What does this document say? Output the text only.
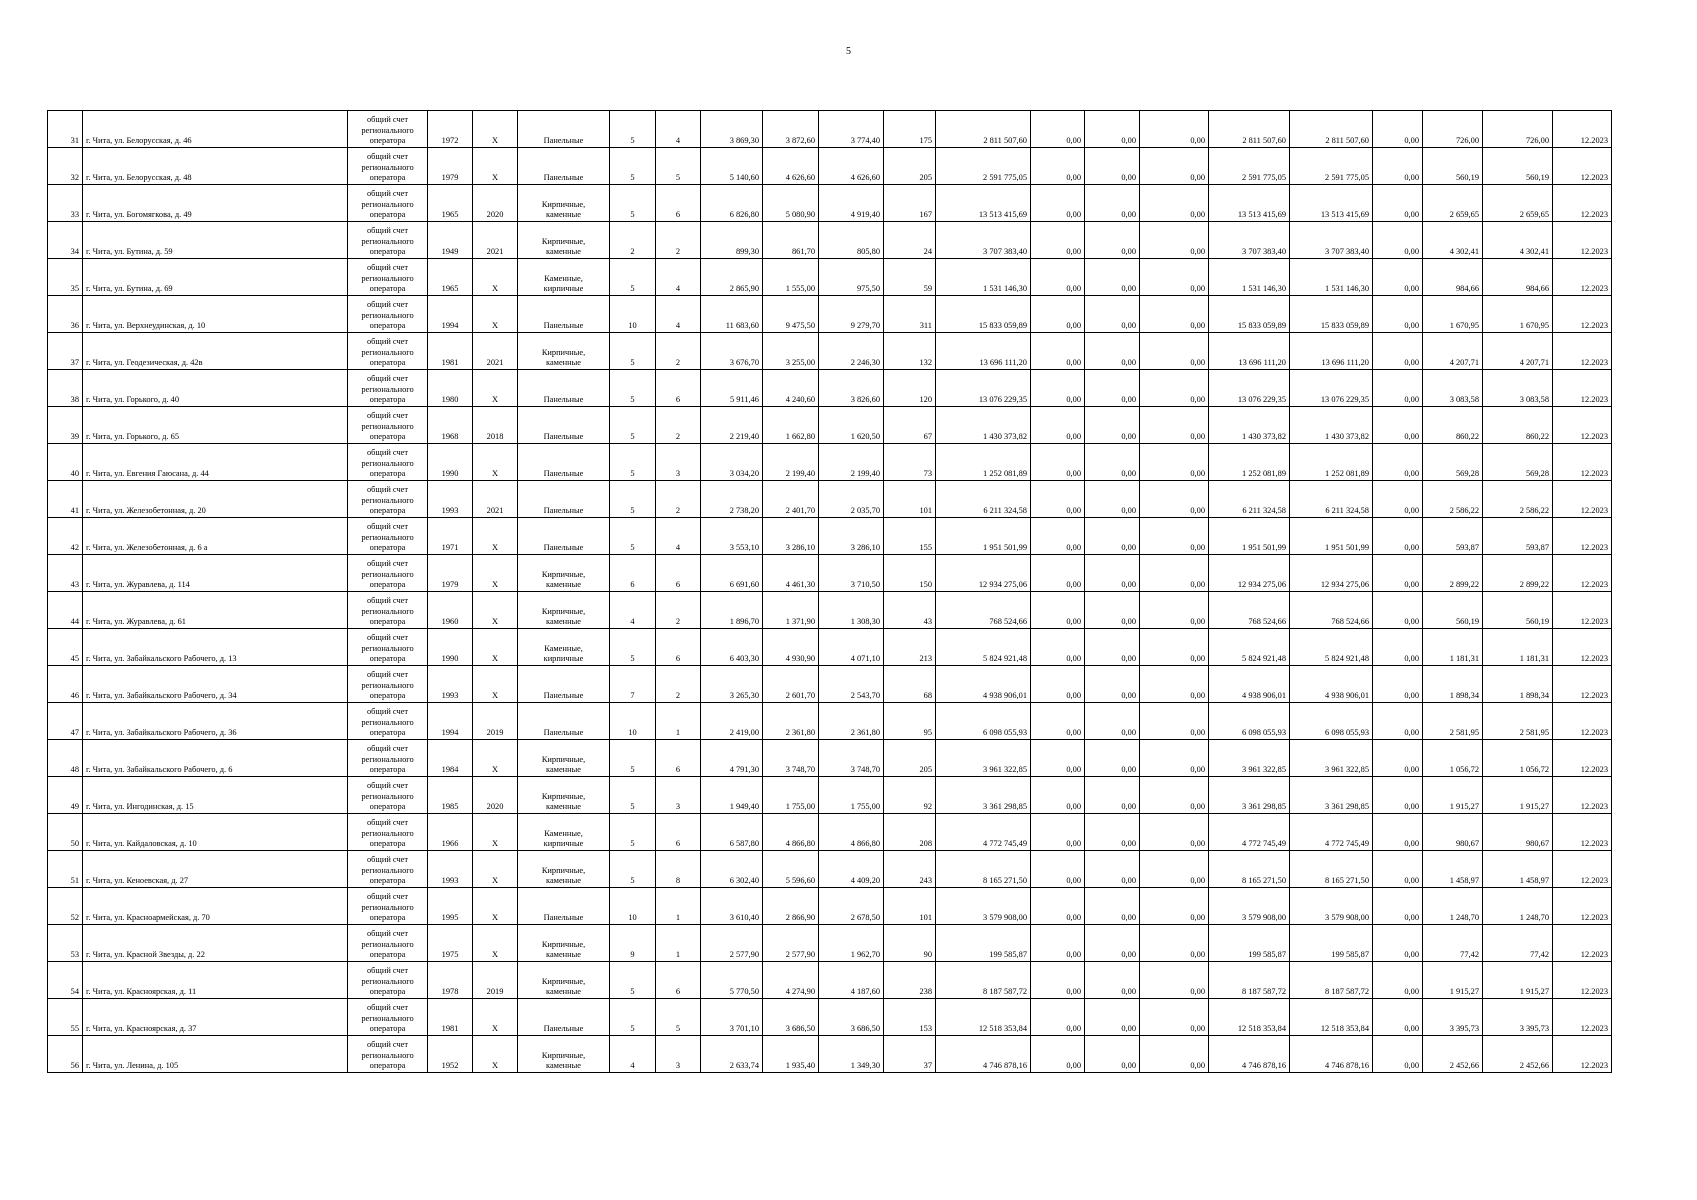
5
31	г. Чита, ул. Белорусская, д. 46	общий счет
регионального
оператора	1972	X	Панельные	5	4	3 869,30	3 872,60	3 774,40	175	2 811 507,60	0,00	0,00	0,00	2 811 507,60	2 811 507,60	0,00	726,00	726,00	12.2023
32	г. Чита, ул. Белорусская, д. 48	общий счет
регионального
оператора	1979	X	Панельные	5	5	5 140,60	4 626,60	4 626,60	205	2 591 775,05	0,00	0,00	0,00	2 591 775,05	2 591 775,05	0,00	560,19	560,19	12.2023
33	г. Чита, ул. Богомягкова, д. 49	общий счет
регионального
оператора	1965	2020	Кирпичные,
каменные	5	6	6 826,80	5 080,90	4 919,40	167	13 513 415,69	0,00	0,00	0,00	13 513 415,69	13 513 415,69	0,00	2 659,65	2 659,65	12.2023
34	г. Чита, ул. Бутина, д. 59	общий счет
регионального
оператора	1949	2021	Кирпичные,
каменные	2	2	899,30	861,70	805,80	24	3 707 383,40	0,00	0,00	0,00	3 707 383,40	3 707 383,40	0,00	4 302,41	4 302,41	12.2023
35	г. Чита, ул. Бутина, д. 69	общий счет
регионального
оператора	1965	X	Каменные,
кирпичные	5	4	2 865,90	1 555,00	975,50	59	1 531 146,30	0,00	0,00	0,00	1 531 146,30	1 531 146,30	0,00	984,66	984,66	12.2023
36	г. Чита, ул. Верхнеудинская, д. 10	общий счет
регионального
оператора	1994	X	Панельные	10	4	11 683,60	9 475,50	9 279,70	311	15 833 059,89	0,00	0,00	0,00	15 833 059,89	15 833 059,89	0,00	1 670,95	1 670,95	12.2023
37	г. Чита, ул. Геодезическая, д. 42в	общий счет
регионального
оператора	1981	2021	Кирпичные,
каменные	5	2	3 676,70	3 255,00	2 246,30	132	13 696 111,20	0,00	0,00	0,00	13 696 111,20	13 696 111,20	0,00	4 207,71	4 207,71	12.2023
38	г. Чита, ул. Горького, д. 40	общий счет
регионального
оператора	1980	X	Панельные	5	6	5 911,46	4 240,60	3 826,60	120	13 076 229,35	0,00	0,00	0,00	13 076 229,35	13 076 229,35	0,00	3 083,58	3 083,58	12.2023
39	г. Чита, ул. Горького, д. 65	общий счет
регионального
оператора	1968	2018	Панельные	5	2	2 219,40	1 662,80	1 620,50	67	1 430 373,82	0,00	0,00	0,00	1 430 373,82	1 430 373,82	0,00	860,22	860,22	12.2023
40	г. Чита, ул. Евгения Гаюсана, д. 44	общий счет
регионального
оператора	1990	X	Панельные	5	3	3 034,20	2 199,40	2 199,40	73	1 252 081,89	0,00	0,00	0,00	1 252 081,89	1 252 081,89	0,00	569,28	569,28	12.2023
41	г. Чита, ул. Железобетонная, д. 20	общий счет
регионального
оператора	1993	2021	Панельные	5	2	2 738,20	2 401,70	2 035,70	101	6 211 324,58	0,00	0,00	0,00	6 211 324,58	6 211 324,58	0,00	2 586,22	2 586,22	12.2023
42	г. Чита, ул. Железобетонная, д. 6 а	общий счет
регионального
оператора	1971	X	Панельные	5	4	3 553,10	3 286,10	3 286,10	155	1 951 501,99	0,00	0,00	0,00	1 951 501,99	1 951 501,99	0,00	593,87	593,87	12.2023
43	г. Чита, ул. Журавлева, д. 114	общий счет
регионального
оператора	1979	X	Кирпичные,
каменные	6	6	6 691,60	4 461,30	3 710,50	150	12 934 275,06	0,00	0,00	0,00	12 934 275,06	12 934 275,06	0,00	2 899,22	2 899,22	12.2023
44	г. Чита, ул. Журавлева, д. 61	общий счет
регионального
оператора	1960	X	Кирпичные,
каменные	4	2	1 896,70	1 371,90	1 308,30	43	768 524,66	0,00	0,00	0,00	768 524,66	768 524,66	0,00	560,19	560,19	12.2023
45	г. Чита, ул. Забайкальского Рабочего, д. 13	общий счет
регионального
оператора	1990	X	Каменные,
кирпичные	5	6	6 403,30	4 930,90	4 071,10	213	5 824 921,48	0,00	0,00	0,00	5 824 921,48	5 824 921,48	0,00	1 181,31	1 181,31	12.2023
46	г. Чита, ул. Забайкальского Рабочего, д. 34	общий счет
регионального
оператора	1993	X	Панельные	7	2	3 265,30	2 601,70	2 543,70	68	4 938 906,01	0,00	0,00	0,00	4 938 906,01	4 938 906,01	0,00	1 898,34	1 898,34	12.2023
47	г. Чита, ул. Забайкальского Рабочего, д. 36	общий счет
регионального
оператора	1994	2019	Панельные	10	1	2 419,00	2 361,80	2 361,80	95	6 098 055,93	0,00	0,00	0,00	6 098 055,93	6 098 055,93	0,00	2 581,95	2 581,95	12.2023
48	г. Чита, ул. Забайкальского Рабочего, д. 6	общий счет
регионального
оператора	1984	X	Кирпичные,
каменные	5	6	4 791,30	3 748,70	3 748,70	205	3 961 322,85	0,00	0,00	0,00	3 961 322,85	3 961 322,85	0,00	1 056,72	1 056,72	12.2023
49	г. Чита, ул. Ингодинская, д. 15	общий счет
регионального
оператора	1985	2020	Кирпичные,
каменные	5	3	1 949,40	1 755,00	1 755,00	92	3 361 298,85	0,00	0,00	0,00	3 361 298,85	3 361 298,85	0,00	1 915,27	1 915,27	12.2023
50	г. Чита, ул. Кайдаловская, д. 10	общий счет
регионального
оператора	1966	X	Каменные,
кирпичные	5	6	6 587,80	4 866,80	4 866,80	208	4 772 745,49	0,00	0,00	0,00	4 772 745,49	4 772 745,49	0,00	980,67	980,67	12.2023
51	г. Чита, ул. Кеноевская, д. 27	общий счет
регионального
оператора	1993	X	Кирпичные,
каменные	5	8	6 302,40	5 596,60	4 409,20	243	8 165 271,50	0,00	0,00	0,00	8 165 271,50	8 165 271,50	0,00	1 458,97	1 458,97	12.2023
52	г. Чита, ул. Красноармейская, д. 70	общий счет
регионального
оператора	1995	X	Панельные	10	1	3 610,40	2 866,90	2 678,50	101	3 579 908,00	0,00	0,00	0,00	3 579 908,00	3 579 908,00	0,00	1 248,70	1 248,70	12.2023
53	г. Чита, ул. Красной Звезды, д. 22	общий счет
регионального
оператора	1975	X	Кирпичные,
каменные	9	1	2 577,90	2 577,90	1 962,70	90	199 585,87	0,00	0,00	0,00	199 585,87	199 585,87	0,00	77,42	77,42	12.2023
54	г. Чита, ул. Красноярская, д. 11	общий счет
регионального
оператора	1978	2019	Кирпичные,
каменные	5	6	5 770,50	4 274,90	4 187,60	238	8 187 587,72	0,00	0,00	0,00	8 187 587,72	8 187 587,72	0,00	1 915,27	1 915,27	12.2023
55	г. Чита, ул. Красноярская, д. 37	общий счет
регионального
оператора	1981	X	Панельные	5	5	3 701,10	3 686,50	3 686,50	153	12 518 353,84	0,00	0,00	0,00	12 518 353,84	12 518 353,84	0,00	3 395,73	3 395,73	12.2023
56	г. Чита, ул. Ленина, д. 105	общий счет
регионального
оператора	1952	X	Кирпичные,
каменные	4	3	2 633,74	1 935,40	1 349,30	37	4 746 878,16	0,00	0,00	0,00	4 746 878,16	4 746 878,16	0,00	2 452,66	2 452,66	12.2023
